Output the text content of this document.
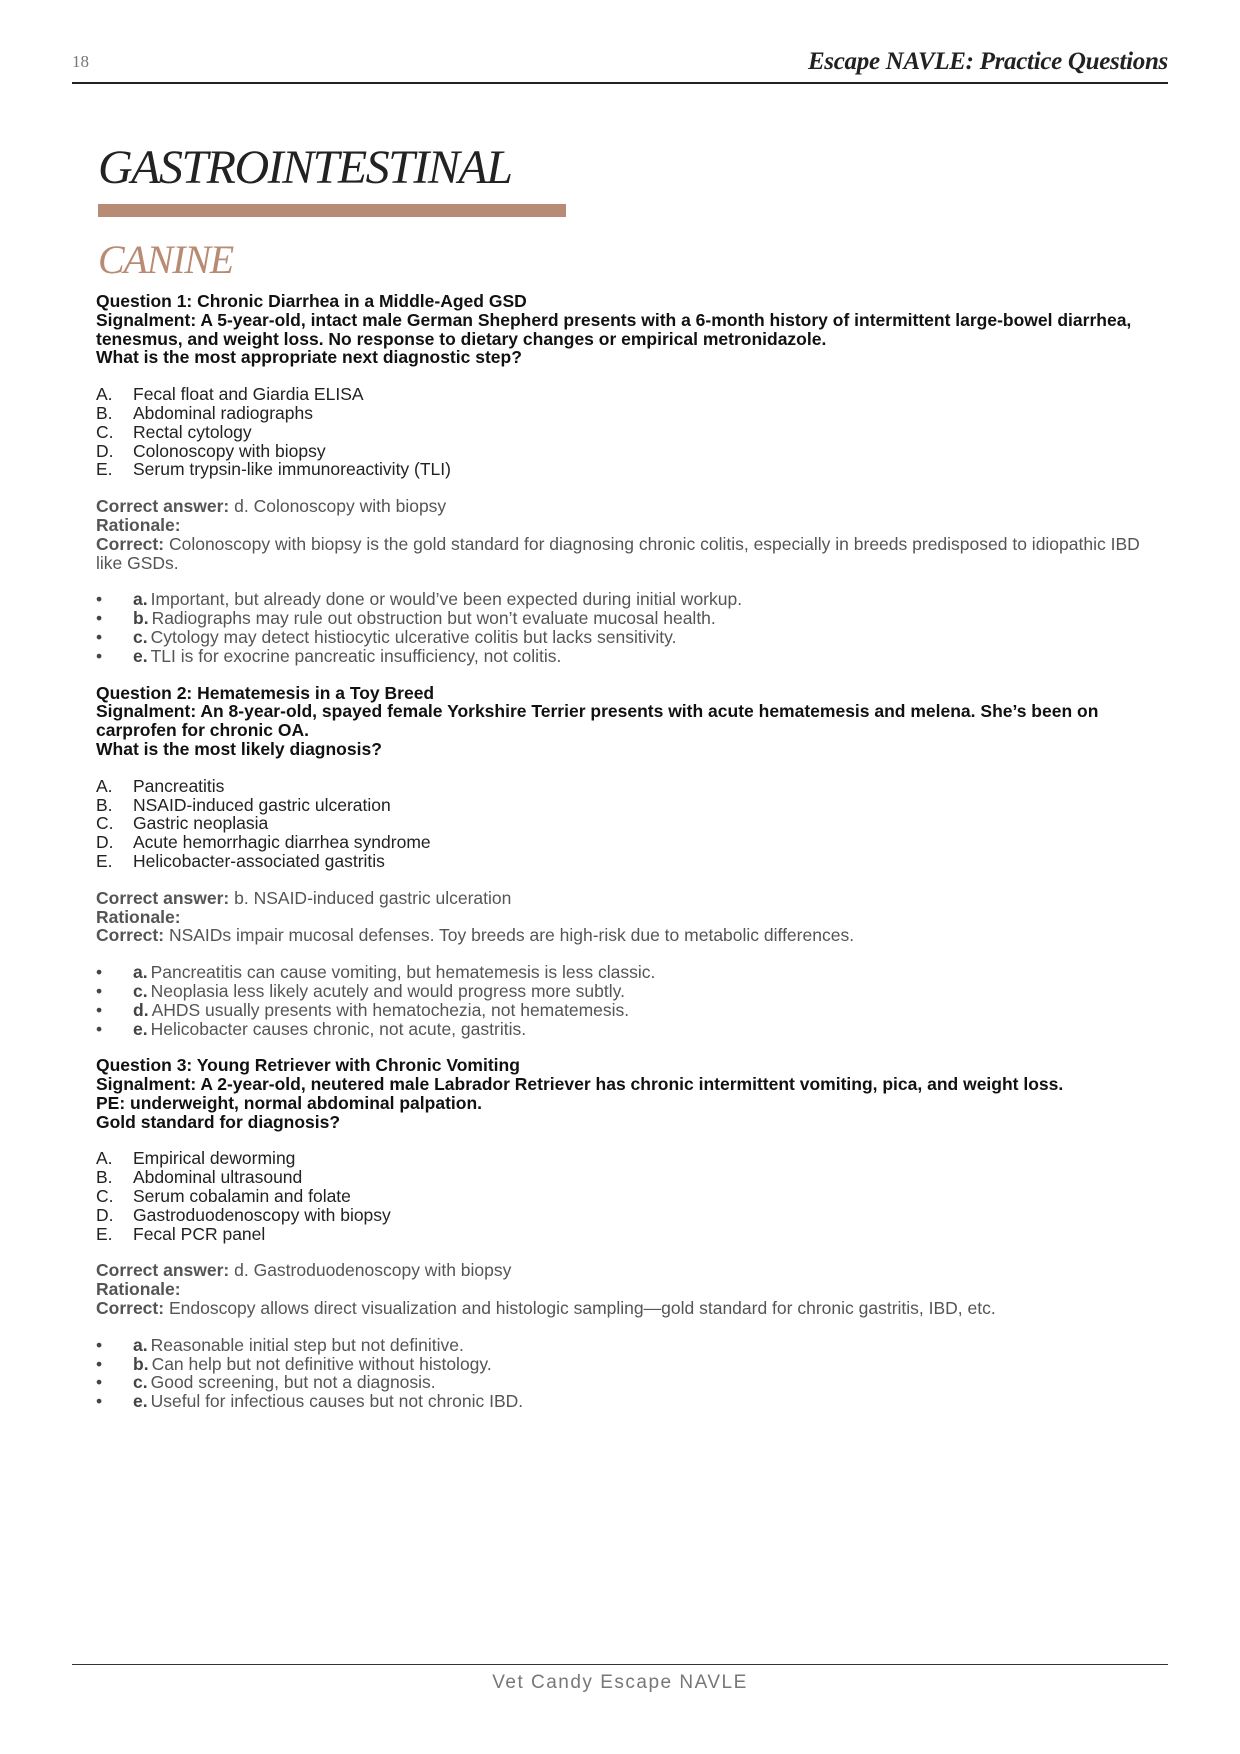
18	Escape NAVLE: Practice Questions
GASTROINTESTINAL
CANINE
Question 1: Chronic Diarrhea in a Middle-Aged GSD
Signalment: A 5-year-old, intact male German Shepherd presents with a 6-month history of intermittent large-bowel diarrhea, tenesmus, and weight loss. No response to dietary changes or empirical metronidazole.
What is the most appropriate next diagnostic step?
A.	Fecal float and Giardia ELISA
B.	Abdominal radiographs
C.	Rectal cytology
D.	Colonoscopy with biopsy
E.	Serum trypsin-like immunoreactivity (TLI)
Correct answer: d. Colonoscopy with biopsy
Rationale:
Correct: Colonoscopy with biopsy is the gold standard for diagnosing chronic colitis, especially in breeds predisposed to idiopathic IBD like GSDs.
•	a. Important, but already done or would’ve been expected during initial workup.
•	b. Radiographs may rule out obstruction but won’t evaluate mucosal health.
•	c. Cytology may detect histiocytic ulcerative colitis but lacks sensitivity.
•	e. TLI is for exocrine pancreatic insufficiency, not colitis.
Question 2: Hematemesis in a Toy Breed
Signalment: An 8-year-old, spayed female Yorkshire Terrier presents with acute hematemesis and melena. She’s been on carprofen for chronic OA.
What is the most likely diagnosis?
A.	Pancreatitis
B.	NSAID-induced gastric ulceration
C.	Gastric neoplasia
D.	Acute hemorrhagic diarrhea syndrome
E.	Helicobacter-associated gastritis
Correct answer: b. NSAID-induced gastric ulceration
Rationale:
Correct: NSAIDs impair mucosal defenses. Toy breeds are high-risk due to metabolic differences.
•	a. Pancreatitis can cause vomiting, but hematemesis is less classic.
•	c. Neoplasia less likely acutely and would progress more subtly.
•	d. AHDS usually presents with hematochezia, not hematemesis.
•	e. Helicobacter causes chronic, not acute, gastritis.
Question 3: Young Retriever with Chronic Vomiting
Signalment: A 2-year-old, neutered male Labrador Retriever has chronic intermittent vomiting, pica, and weight loss.
PE: underweight, normal abdominal palpation.
Gold standard for diagnosis?
A.	Empirical deworming
B.	Abdominal ultrasound
C.	Serum cobalamin and folate
D.	Gastroduodenoscopy with biopsy
E.	Fecal PCR panel
Correct answer: d. Gastroduodenoscopy with biopsy
Rationale:
Correct: Endoscopy allows direct visualization and histologic sampling—gold standard for chronic gastritis, IBD, etc.
•	a. Reasonable initial step but not definitive.
•	b. Can help but not definitive without histology.
•	c. Good screening, but not a diagnosis.
•	e. Useful for infectious causes but not chronic IBD.
Vet Candy Escape NAVLE
